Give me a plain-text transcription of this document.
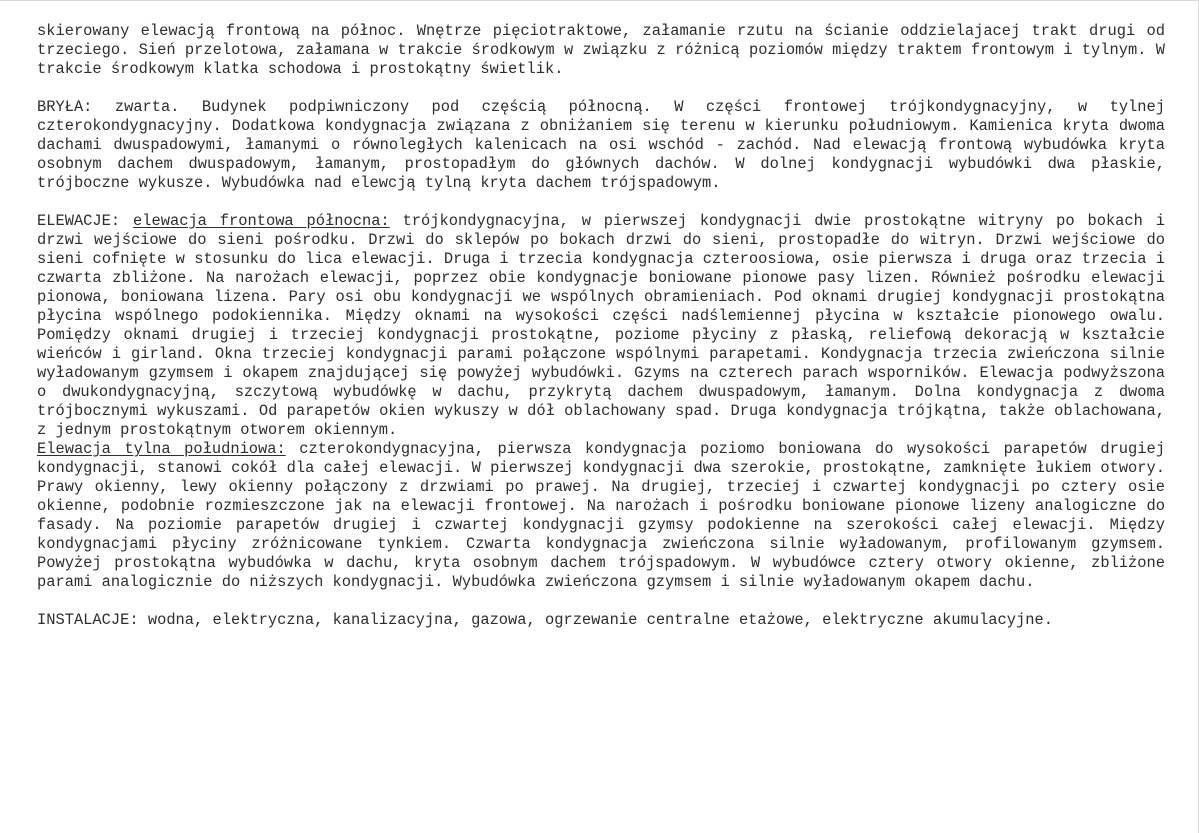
skierowany elewacją frontową na północ. Wnętrze pięciotraktowe, załamanie rzutu na ścianie oddzielajacej trakt drugi od trzeciego. Sień przelotowa, załamana w trakcie środkowym w związku z różnicą poziomów między traktem frontowym i tylnym. W trakcie środkowym klatka schodowa i prostokątny świetlik.

BRYŁA: zwarta. Budynek podpiwniczony pod częścią północną. W części frontowej trójkondygnacyjny, w tylnej czterokondygnacyjny. Dodatkowa kondygnacja związana z obniżaniem się terenu w kierunku południowym. Kamienica kryta dwoma dachami dwuspadowymi, łamanymi o równoległych kalenicach na osi wschód - zachód. Nad elewacją frontową wybudówka kryta osobnym dachem dwuspadowym, łamanym, prostopadłym do głównych dachów. W dolnej kondygnacji wybudówki dwa płaskie, trójboczne wykusze. Wybudówka nad elewcją tylną kryta dachem trójspadowym.

ELEWACJE: elewacja frontowa północna: trójkondygnacyjna, w pierwszej kondygnacji dwie prostokątne witryny po bokach i drzwi wejściowe do sieni pośrodku. Drzwi do sklepów po bokach drzwi do sieni, prostopadłe do witryn. Drzwi wejściowe do sieni cofnięte w stosunku do lica elewacji. Druga i trzecia kondygnacja czteroosiowa, osie pierwsza i druga oraz trzecia i czwarta zbliżone. Na narożach elewacji, poprzez obie kondygnacje boniowane pionowe pasy lizen. Również pośrodku elewacji pionowa, boniowana lizena. Pary osi obu kondygnacji we wspólnych obramieniach. Pod oknami drugiej kondygnacji prostokątna płycina wspólnego podokiennika. Między oknami na wysokości części nadślemiennej płycina w kształcie pionowego owalu. Pomiędzy oknami drugiej i trzeciej kondygnacji prostokątne, poziome płyciny z płaską, reliefową dekoracją w kształcie wieńców i girland. Okna trzeciej kondygnacji parami połączone wspólnymi parapetami. Kondygnacja trzecia zwieńczona silnie wyładowanym gzymsem i okapem znajdującej się powyżej wybudówki. Gzyms na czterech parach wsporników. Elewacja podwyższona o dwukondygnacyjną, szczytową wybudówkę w dachu, przykrytą dachem dwuspadowym, łamanym. Dolna kondygnacja z dwoma trójbocznymi wykuszami. Od parapetów okien wykuszy w dół oblachowany spad. Druga kondygnacja trójkątna, także oblachowana, z jednym prostokątnym otworem okiennym.

Elewacja tylna południowa: czterokondygnacyjna, pierwsza kondygnacja poziomo boniowana do wysokości parapetów drugiej kondygnacji, stanowi cokół dla całej elewacji. W pierwszej kondygnacji dwa szerokie, prostokątne, zamknięte łukiem otwory. Prawy okienny, lewy okienny połączony z drzwiami po prawej. Na drugiej, trzeciej i czwartej kondygnacji po cztery osie okienne, podobnie rozmieszczone jak na elewacji frontowej. Na narożach i pośrodku boniowane pionowe lizeny analogiczne do fasady. Na poziomie parapetów drugiej i czwartej kondygnacji gzymsy podokienne na szerokości całej elewacji. Między kondygnacjami płyciny zróżnicowane tynkiem. Czwarta kondygnacja zwieńczona silnie wyładowanym, profilowanym gzymsem. Powyżej prostokątna wybudówka w dachu, kryta osobnym dachem trójspadowym. W wybudówce cztery otwory okienne, zbliżone parami analogicznie do niższych kondygnacji. Wybudówka zwieńczona gzymsem i silnie wyładowanym okapem dachu.

INSTALACJE: wodna, elektryczna, kanalizacyjna, gazowa, ogrzewanie centralne etażowe, elektryczne akumulacyjne.
